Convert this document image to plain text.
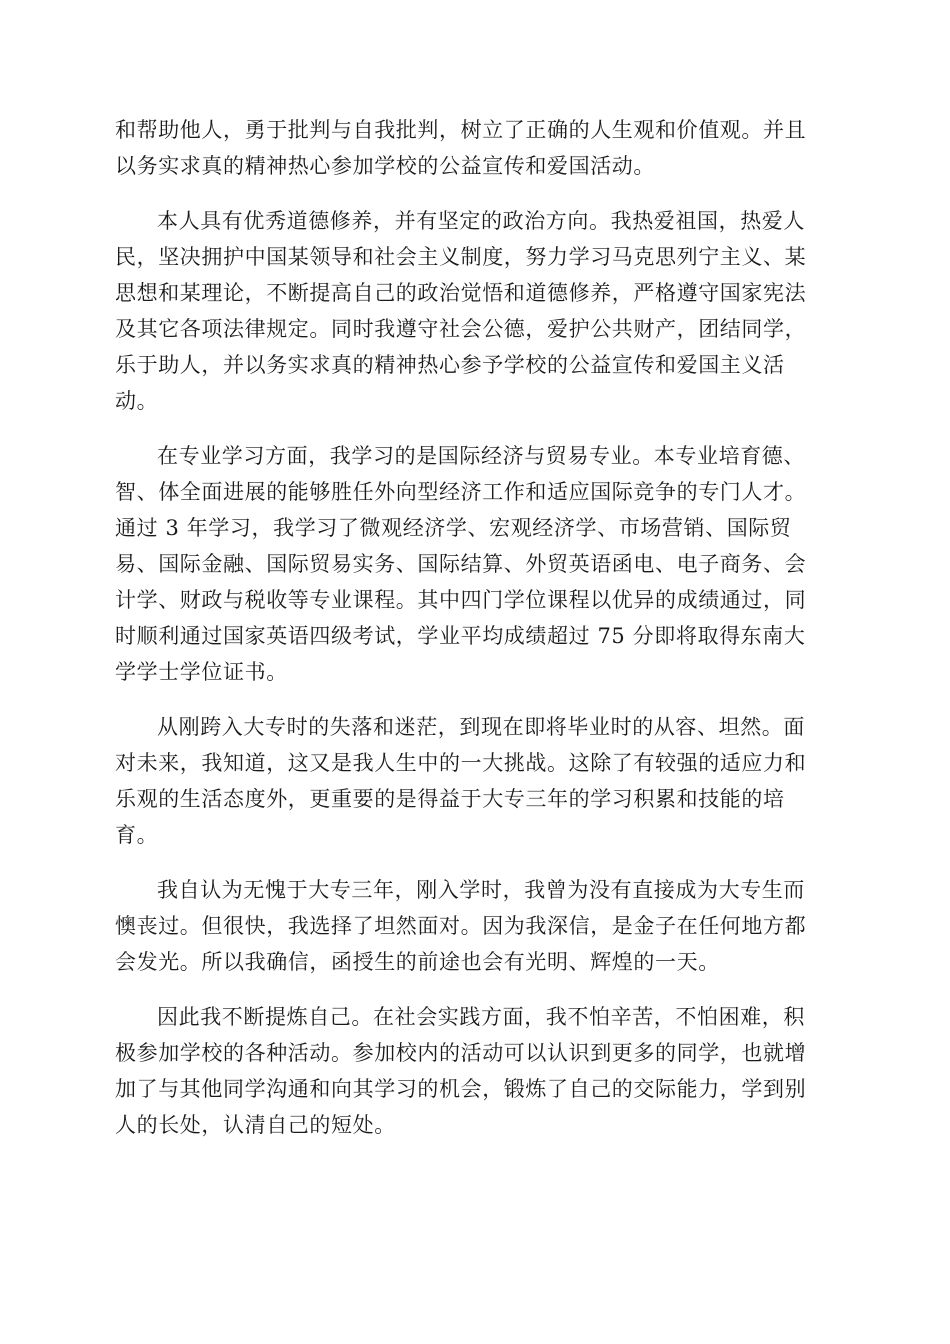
和帮助他人，勇于批判与自我批判，树立了正确的人生观和价值观。并且
以务实求真的精神热心参加学校的公益宣传和爱国活动。

本人具有优秀道德修养，并有坚定的政治方向。我热爱祖国，热爱人
民，坚决拥护中国某领导和社会主义制度，努力学习马克思列宁主义、某
思想和某理论，不断提高自己的政治觉悟和道德修养，严格遵守国家宪法
及其它各项法律规定。同时我遵守社会公德，爱护公共财产，团结同学，
乐于助人，并以务实求真的精神热心参予学校的公益宣传和爱国主义活
动。

在专业学习方面，我学习的是国际经济与贸易专业。本专业培育德、
智、体全面进展的能够胜任外向型经济工作和适应国际竞争的专门人才。
通过 3 年学习，我学习了微观经济学、宏观经济学、市场营销、国际贸
易、国际金融、国际贸易实务、国际结算、外贸英语函电、电子商务、会
计学、财政与税收等专业课程。其中四门学位课程以优异的成绩通过，同
时顺利通过国家英语四级考试，学业平均成绩超过 75 分即将取得东南大
学学士学位证书。

从刚跨入大专时的失落和迷茫，到现在即将毕业时的从容、坦然。面
对未来，我知道，这又是我人生中的一大挑战。这除了有较强的适应力和
乐观的生活态度外，更重要的是得益于大专三年的学习积累和技能的培
育。

我自认为无愧于大专三年，刚入学时，我曾为没有直接成为大专生而
懊丧过。但很快，我选择了坦然面对。因为我深信，是金子在任何地方都
会发光。所以我确信，函授生的前途也会有光明、辉煌的一天。

因此我不断提炼自己。在社会实践方面，我不怕辛苦，不怕困难，积
极参加学校的各种活动。参加校内的活动可以认识到更多的同学，也就增
加了与其他同学沟通和向其学习的机会，锻炼了自己的交际能力，学到别
人的长处，认清自己的短处。
